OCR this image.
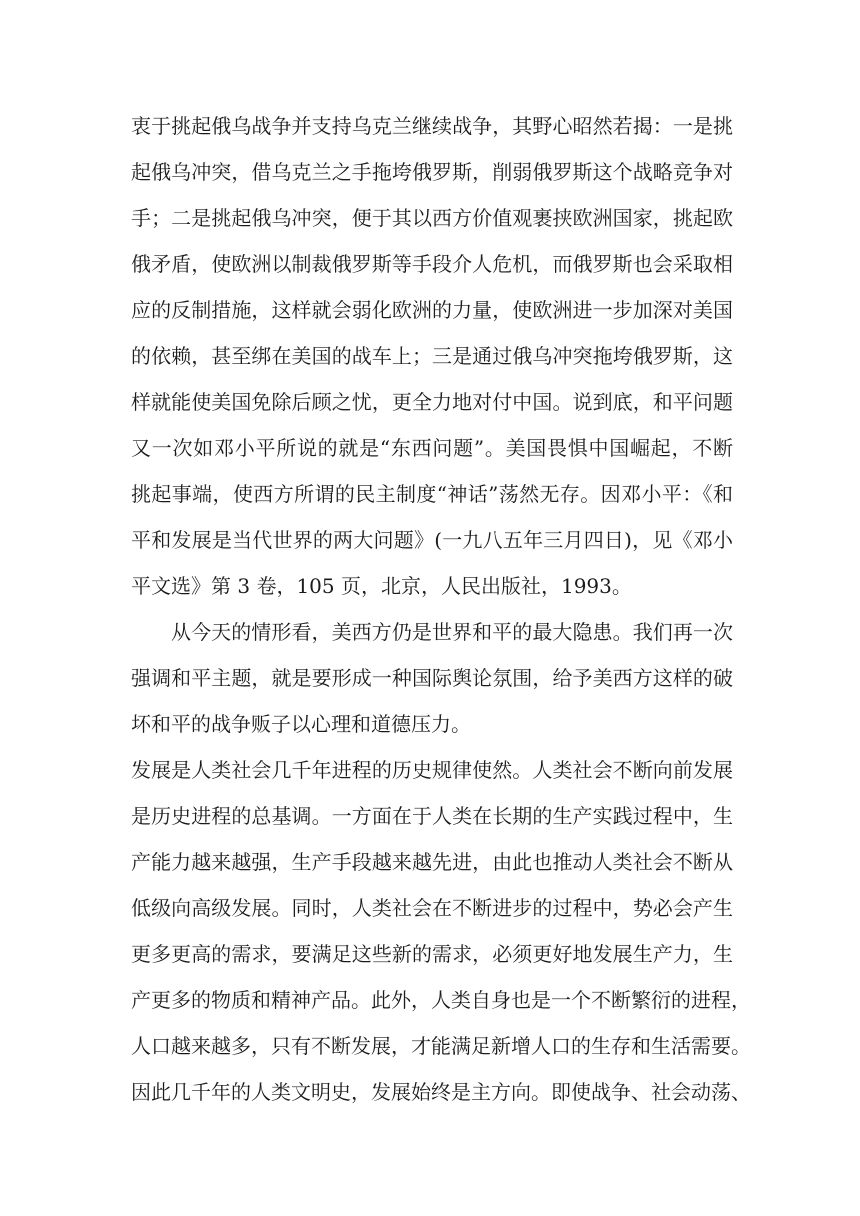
衷于挑起俄乌战争并支持乌克兰继续战争，其野心昭然若揭：一是挑
起俄乌冲突，借乌克兰之手拖垮俄罗斯，削弱俄罗斯这个战略竞争对
手；二是挑起俄乌冲突，便于其以西方价值观裹挟欧洲国家，挑起欧
俄矛盾，使欧洲以制裁俄罗斯等手段介人危机，而俄罗斯也会采取相
应的反制措施，这样就会弱化欧洲的力量，使欧洲进一步加深对美国
的依赖，甚至绑在美国的战车上；三是通过俄乌冲突拖垮俄罗斯，这
样就能使美国免除后顾之忧，更全力地对付中国。说到底，和平问题
又一次如邓小平所说的就是“东西问题”。美国畏惧中国崛起，不断
挑起事端，使西方所谓的民主制度“神话”荡然无存。因邓小平：《和
平和发展是当代世界的两大问题》(一九八五年三月四日)，见《邓小
平文选》第 3 卷，105 页，北京，人民出版社，1993。
从今天的情形看，美西方仍是世界和平的最大隐患。我们再一次
强调和平主题，就是要形成一种国际舆论氛围，给予美西方这样的破
坏和平的战争贩子以心理和道德压力。
发展是人类社会几千年进程的历史规律使然。人类社会不断向前发展
是历史进程的总基调。一方面在于人类在长期的生产实践过程中，生
产能力越来越强，生产手段越来越先进，由此也推动人类社会不断从
低级向高级发展。同时，人类社会在不断进步的过程中，势必会产生
更多更高的需求，要满足这些新的需求，必须更好地发展生产力，生
产更多的物质和精神产品。此外，人类自身也是一个不断繁衍的进程，
人口越来越多，只有不断发展，才能满足新增人口的生存和生活需要。
因此几千年的人类文明史，发展始终是主方向。即使战争、社会动荡、
